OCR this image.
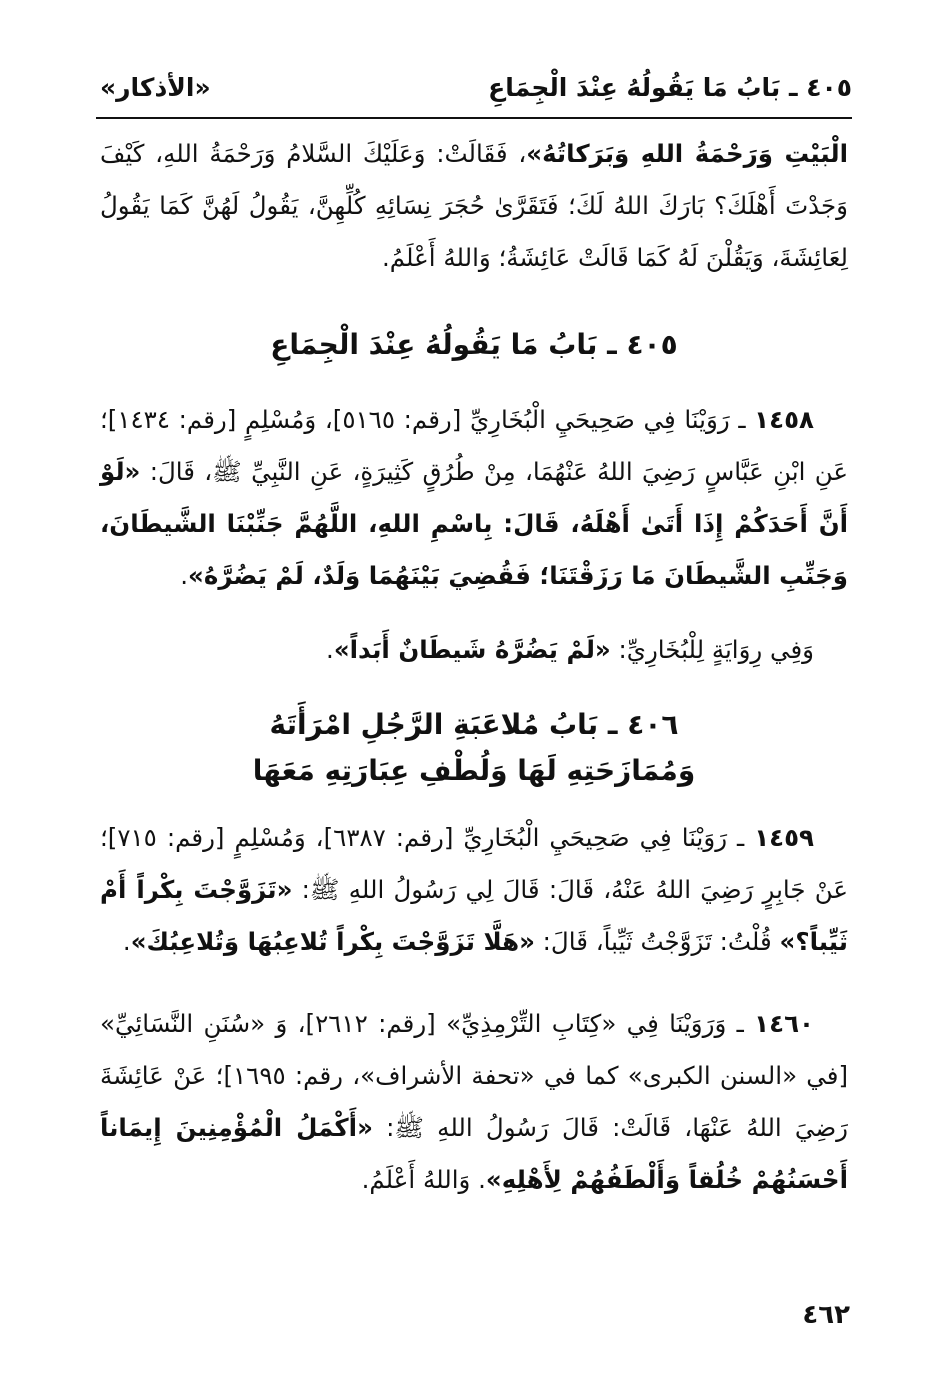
٤٠٥ ـ بَابُ مَا يَقُولُهُ عِنْدَ الْجِمَاعِ
«الأذكار»

الْبَيْتِ وَرَحْمَةُ اللهِ وَبَرَكاتُهُ»، فَقَالَتْ: وَعَلَيْكَ السَّلامُ وَرَحْمَةُ اللهِ، كَيْفَ وَجَدْتَ أَهْلَكَ؟ بَارَكَ اللهُ لَكَ؛ فَتَقَرَّىٰ حُجَرَ نِسَائِهِ كُلِّهِنَّ، يَقُولُ لَهُنَّ كَمَا يَقُولُ لِعَائِشَةَ، وَيَقُلْنَ لَهُ كَمَا قَالَتْ عَائِشَةُ؛ وَاللهُ أَعْلَمُ.

٤٠٥ ـ بَابُ مَا يَقُولُهُ عِنْدَ الْجِمَاعِ

١٤٥٨ ـ رَوَيْنَا فِي صَحِيحَيِ الْبُخَارِيِّ [رقم: ٥١٦٥]، وَمُسْلِمٍ [رقم: ١٤٣٤]؛ عَنِ ابْنِ عَبَّاسٍ رَضِيَ اللهُ عَنْهُمَا، مِنْ طُرُقٍ كَثِيرَةٍ، عَنِ النَّبِيِّ ﷺ، قَالَ: «لَوْ أَنَّ أَحَدَكُمْ إِذَا أَتَىٰ أَهْلَهُ، قَالَ: بِاسْمِ اللهِ، اللَّهُمَّ جَنِّبْنَا الشَّيطَانَ، وَجَنِّبِ الشَّيطَانَ مَا رَزَقْتَنَا؛ فَقُضِيَ بَيْنَهُمَا وَلَدٌ، لَمْ يَضُرَّهُ».

وَفِي رِوَايَةٍ لِلْبُخَارِيِّ: «لَمْ يَضُرَّهُ شَيطَانٌ أَبَداً».

٤٠٦ ـ بَابُ مُلاعَبَةِ الرَّجُلِ امْرَأَتَهُ
وَمُمَازَحَتِهِ لَهَا وَلُطْفِ عِبَارَتِهِ مَعَهَا

١٤٥٩ ـ رَوَيْنَا فِي صَحِيحَيِ الْبُخَارِيِّ [رقم: ٦٣٨٧]، وَمُسْلِمٍ [رقم: ٧١٥]؛ عَنْ جَابِرٍ رَضِيَ اللهُ عَنْهُ، قَالَ: قَالَ لِي رَسُولُ اللهِ ﷺ: «تَزَوَّجْتَ بِكْراً أَمْ ثَيِّباً؟» قُلْتُ: تَزَوَّجْتُ ثَيِّباً، قَالَ: «هَلَّا تَزَوَّجْتَ بِكْراً تُلاعِبُهَا وَتُلاعِبُكَ».

١٤٦٠ ـ وَرَوَيْنَا فِي «كِتَابِ التِّرْمِذِيِّ» [رقم: ٢٦١٢]، وَ «سُنَنِ النَّسَائِيِّ» [في «السنن الكبرى» كما في «تحفة الأشراف»، رقم: ١٦٩٥]؛ عَنْ عَائِشَةَ رَضِيَ اللهُ عَنْهَا، قَالَتْ: قَالَ رَسُولُ اللهِ ﷺ: «أَكْمَلُ الْمُؤْمِنِينَ إِيمَاناً أَحْسَنُهُمْ خُلُقاً وَأَلْطَفُهُمْ لِأَهْلِهِ». وَاللهُ أَعْلَمُ.

٤٦٢
